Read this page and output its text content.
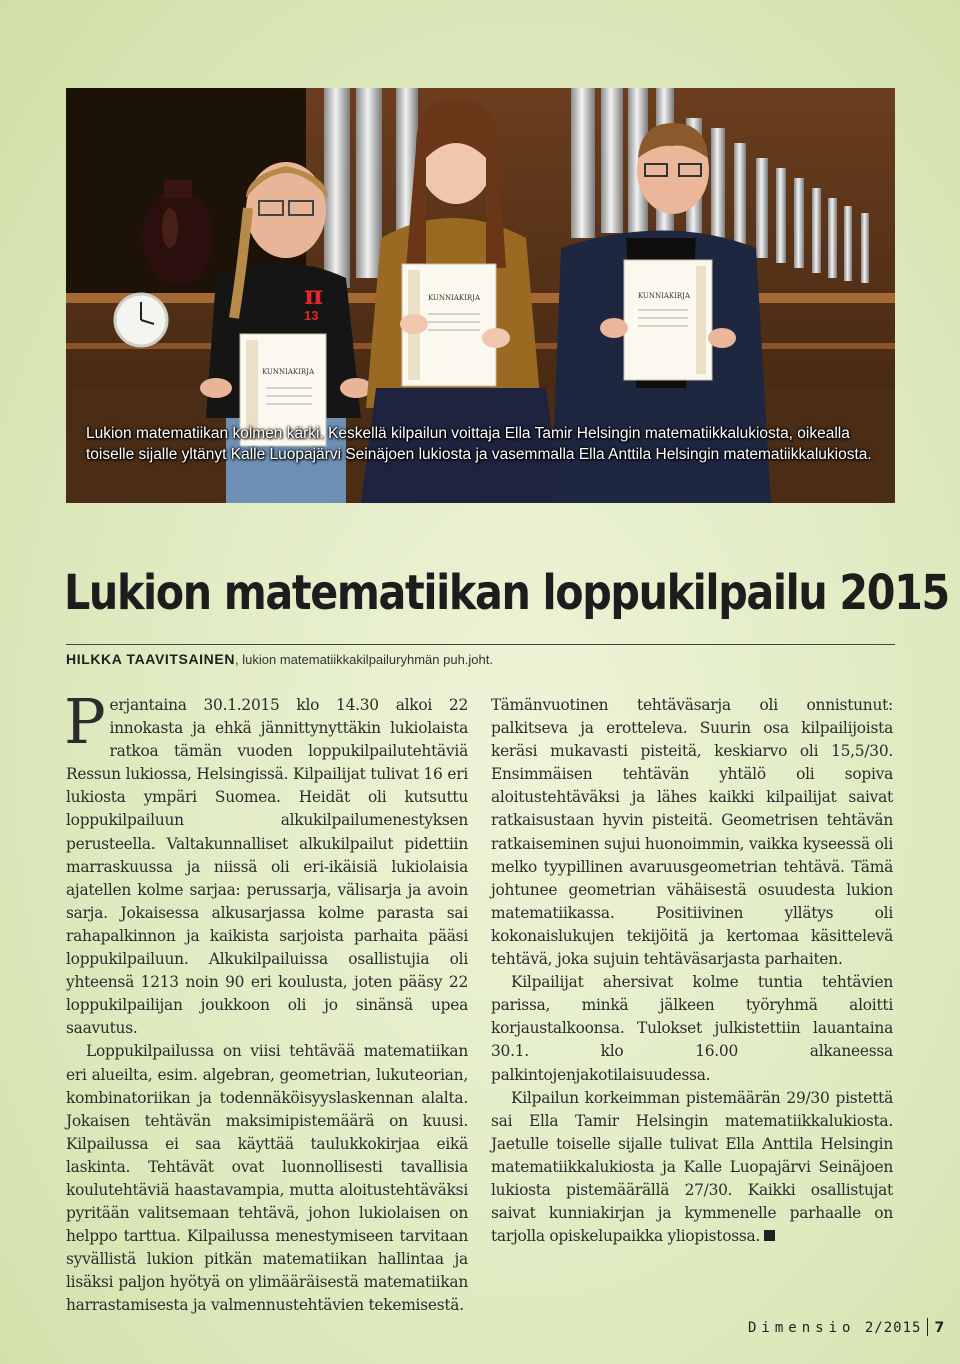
π
13
KUNNIAKIRJA
KUNNIAKIRJA	KUNNIAKIRJA
Lukion matematiikan kolmen kärki. Keskellä kilpailun voittaja Ella Tamir Helsingin matematiikkalukiosta, oikealla toiselle sijalle yltänyt Kalle Luopajärvi Seinäjoen lukiosta ja vasemmalla Ella Anttila Helsingin matematiikkalukiosta.
Lukion matematiikan loppukilpailu 2015
HILKKA TAAVITSAINEN, lukion matematiikkakilpailuryhmän puh.joht.

Perjantaina 30.1.2015 klo 14.30 alkoi 22 innokasta ja ehkä jännittynyttäkin lukiolaista ratkoa tämän vuoden loppukilpailutehtäviä Ressun lukiossa, Helsingissä. Kilpailijat tulivat 16 eri lukiosta ympäri Suomea. Heidät oli kutsuttu loppukilpailuun alkukilpailumenestyksen perusteella. Valtakunnalliset alkukilpailut pidettiin marraskuussa ja niissä oli eri-ikäisiä lukiolaisia ajatellen kolme sarjaa: perussarja, välisarja ja avoin sarja. Jokaisessa alkusarjassa kolme parasta sai rahapalkinnon ja kaikista sarjoista parhaita pääsi loppukilpailuun. Alkukilpailuissa osallistujia oli yhteensä 1213 noin 90 eri koulusta, joten pääsy 22 loppukilpailijan joukkoon oli jo sinänsä upea saavutus.

Loppukilpailussa on viisi tehtävää matematiikan eri alueilta, esim. algebran, geometrian, lukuteorian, kombinatoriikan ja todennäköisyyslaskennan alalta. Jokaisen tehtävän maksimipistemäärä on kuusi. Kilpailussa ei saa käyttää taulukkokirjaa eikä laskinta. Tehtävät ovat luonnollisesti tavallisia koulutehtäviä haastavampia, mutta aloitustehtäväksi pyritään valitsemaan tehtävä, johon lukiolaisen on helppo tarttua. Kilpailussa menestymiseen tarvitaan syvällistä lukion pitkän matematiikan hallintaa ja lisäksi paljon hyötyä on ylimääräisestä matematiikan harrastamisesta ja valmennustehtävien tekemisestä.

Tämänvuotinen tehtäväsarja oli onnistunut: palkitseva ja erotteleva. Suurin osa kilpailijoista keräsi mukavasti pisteitä, keskiarvo oli 15,5/30. Ensimmäisen tehtävän yhtälö oli sopiva aloitustehtäväksi ja lähes kaikki kilpailijat saivat ratkaisustaan hyvin pisteitä. Geometrisen tehtävän ratkaiseminen sujui huonoimmin, vaikka kyseessä oli melko tyypillinen avaruusgeometrian tehtävä. Tämä johtunee geometrian vähäisestä osuudesta lukion matematiikassa. Positiivinen yllätys oli kokonaislukujen tekijöitä ja kertomaa käsittelevä tehtävä, joka sujuin tehtäväsarjasta parhaiten.

Kilpailijat ahersivat kolme tuntia tehtävien parissa, minkä jälkeen työryhmä aloitti korjaustalkoonsa. Tulokset julkistettiin lauantaina 30.1. klo 16.00 alkaneessa palkintojenjakotilaisuudessa.

Kilpailun korkeimman pistemäärän 29/30 pistettä sai Ella Tamir Helsingin matematiikkalukiosta. Jaetulle toiselle sijalle tulivat Ella Anttila Helsingin matematiikkalukiosta ja Kalle Luopajärvi Seinäjoen lukiosta pistemäärällä 27/30. Kaikki osallistujat saivat kunniakirjan ja kymmenelle parhaalle on tarjolla opiskelupaikka yliopistossa.

Dimensio 2/2015 7
